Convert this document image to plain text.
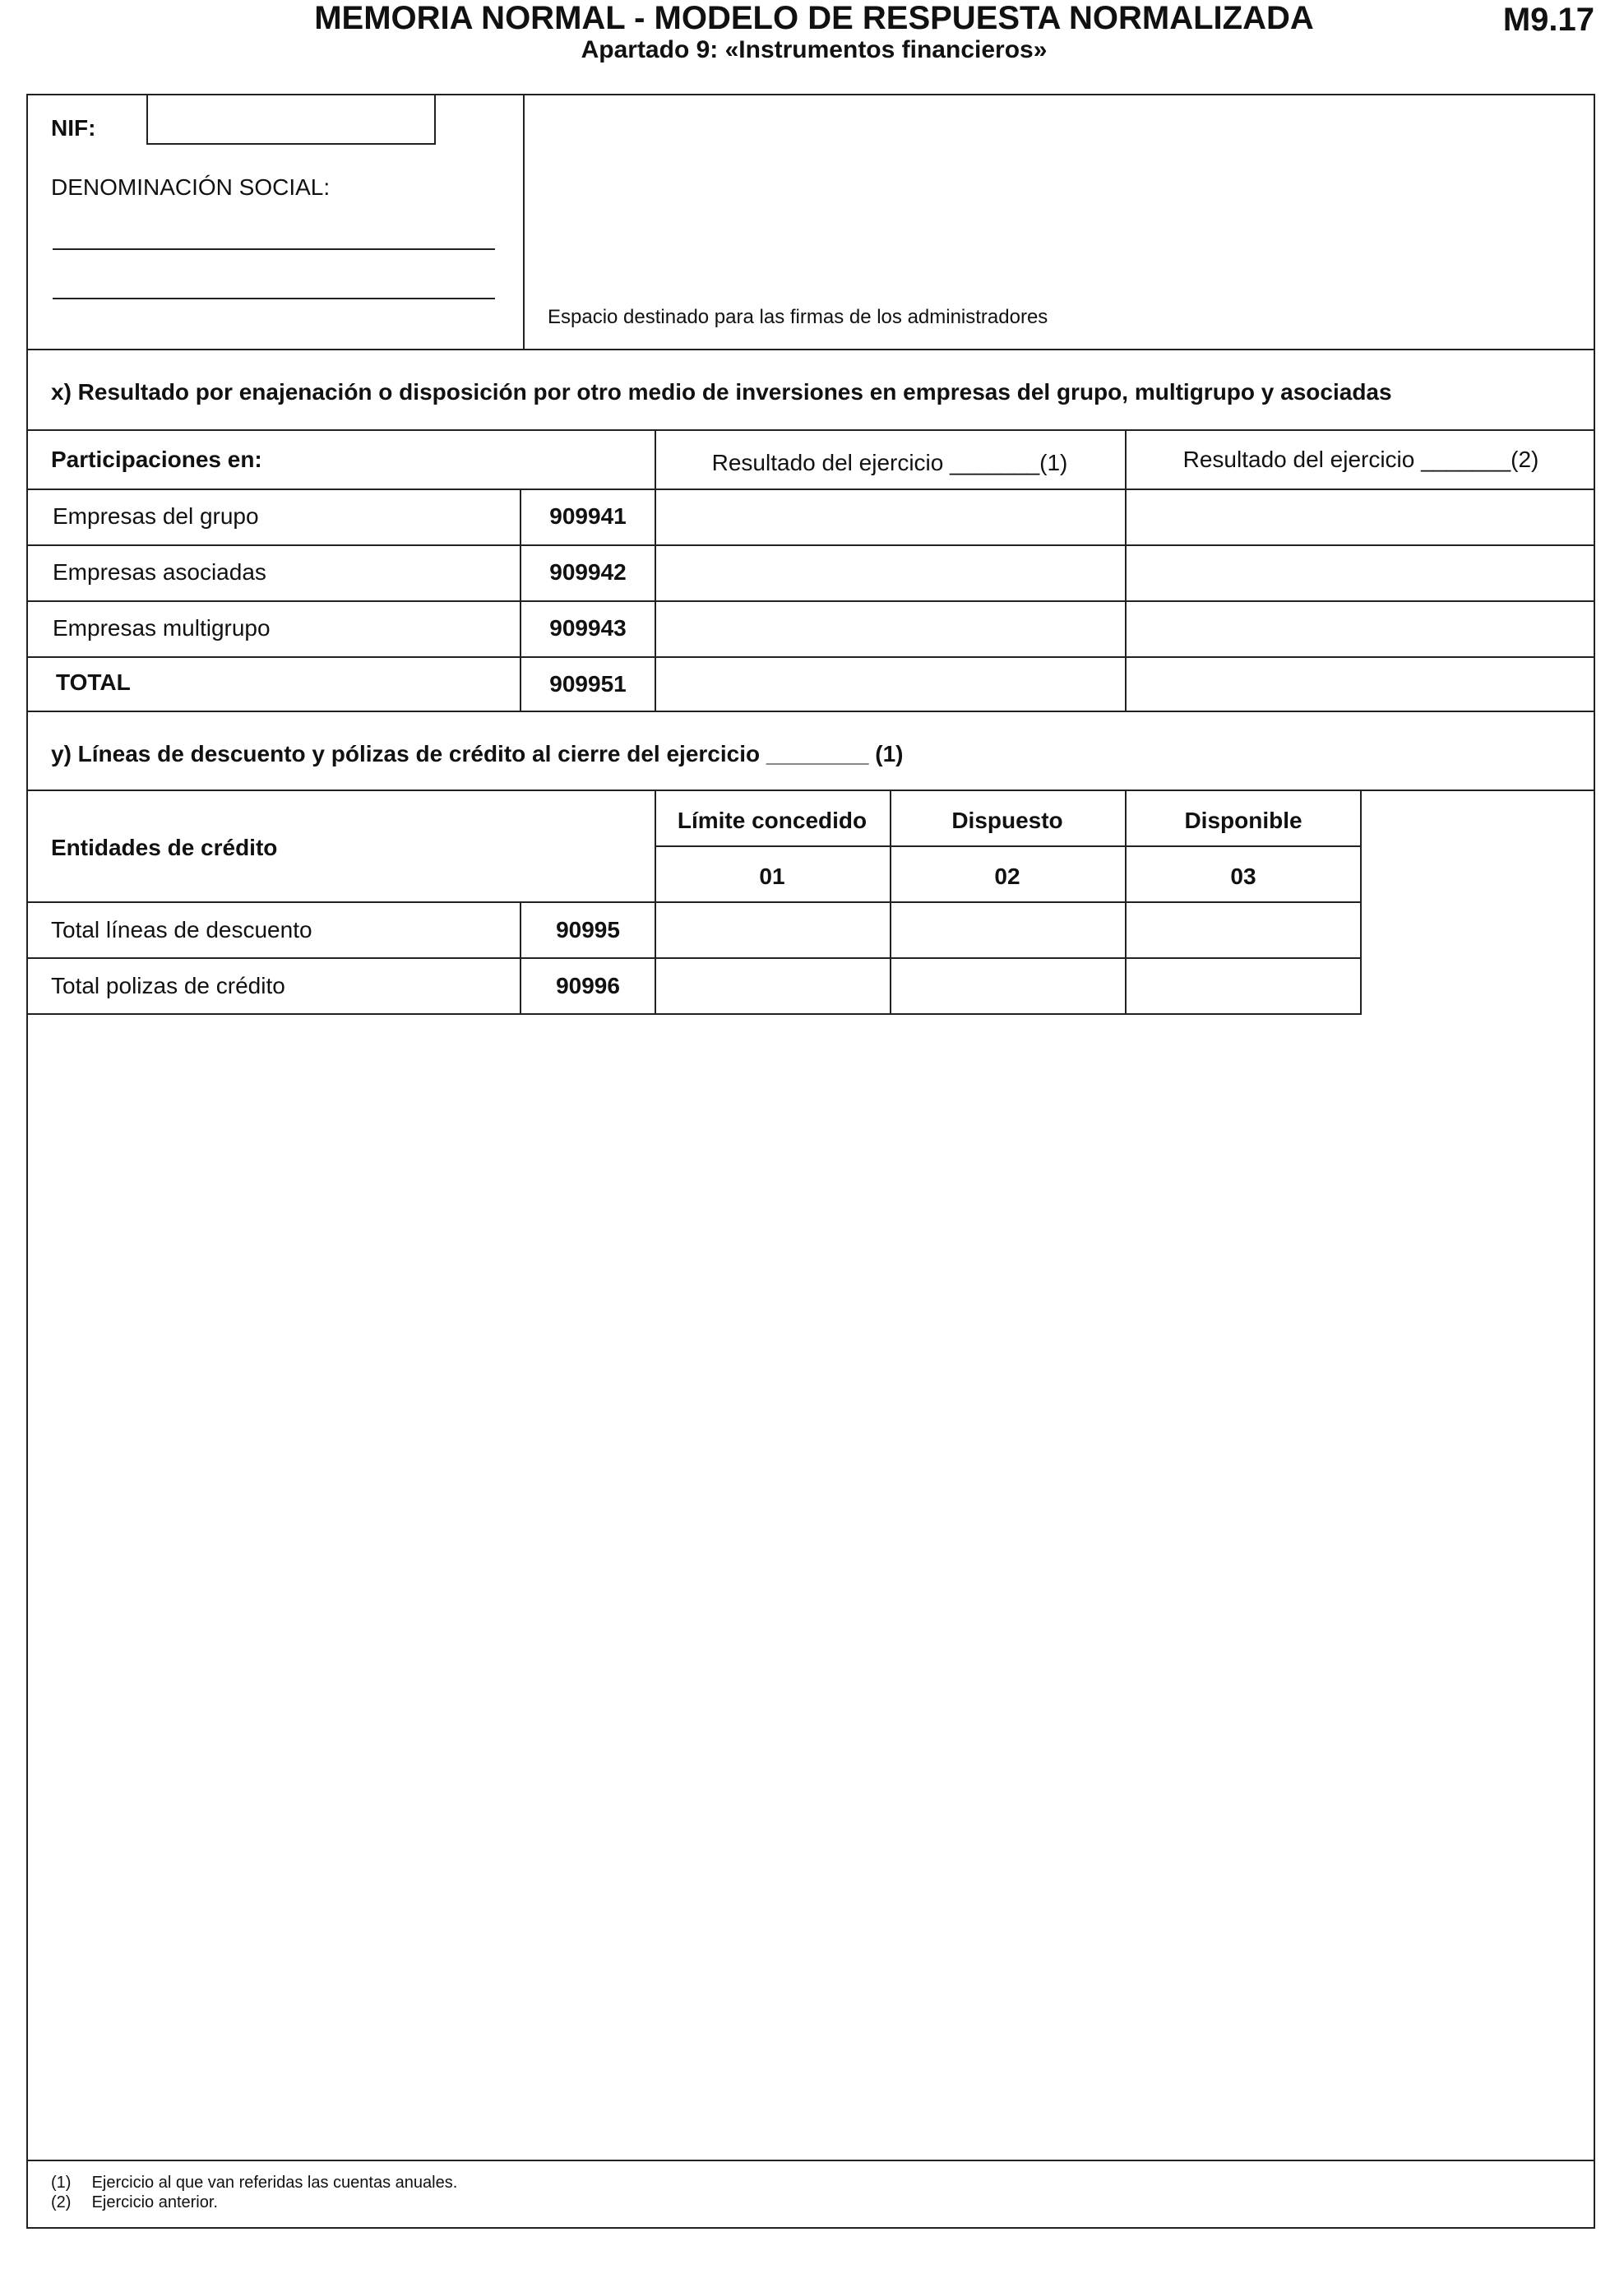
MEMORIA NORMAL - MODELO DE RESPUESTA NORMALIZADA
Apartado 9: «Instrumentos financieros»
M9.17
NIF:
DENOMINACIÓN SOCIAL:
Espacio destinado para las firmas de los administradores
x) Resultado por enajenación o disposición por otro medio de inversiones en empresas del grupo, multigrupo y asociadas
Participaciones en:	Resultado del ejercicio _______(1)	Resultado del ejercicio _______(2)
Empresas del grupo	909941
Empresas asociadas	909942
Empresas multigrupo	909943
TOTAL	909951
y) Líneas de descuento y pólizas de crédito al cierre del ejercicio ________ (1)
Entidades de crédito
Límite concedido	Dispuesto	Disponible
01	02	03
Total líneas de descuento	90995
Total polizas de crédito	90996
(1) Ejercicio al que van referidas las cuentas anuales.
(2) Ejercicio anterior.
